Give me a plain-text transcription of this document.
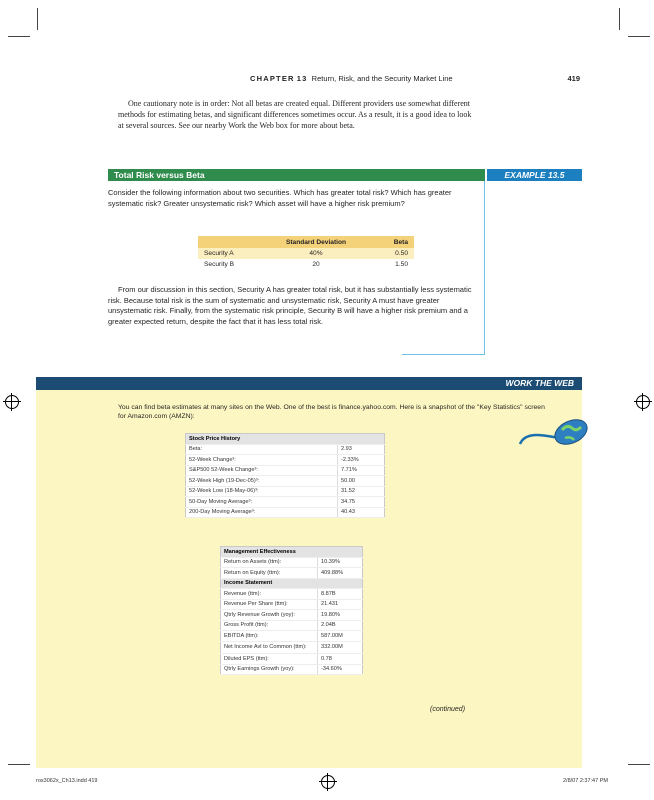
CHAPTER 13 Return, Risk, and the Security Market Line	419
One cautionary note is in order: Not all betas are created equal. Different providers use somewhat different methods for estimating betas, and significant differences sometimes occur. As a result, it is a good idea to look at several sources. See our nearby Work the Web box for more about beta.
Total Risk versus Beta	EXAMPLE 13.5
Consider the following information about two securities. Which has greater total risk? Which has greater systematic risk? Greater unsystematic risk? Which asset will have a higher risk premium?
	Standard Deviation	Beta
Security A	40%	0.50
Security B	20	1.50
From our discussion in this section, Security A has greater total risk, but it has substantially less systematic risk. Because total risk is the sum of systematic and unsystematic risk, Security A must have greater unsystematic risk. Finally, from the systematic risk principle, Security B will have a higher risk premium and a greater expected return, despite the fact that it has less total risk.
WORK THE WEB
You can find beta estimates at many sites on the Web. One of the best is finance.yahoo.com. Here is a snapshot of the "Key Statistics" screen for Amazon.com (AMZN):
Stock Price History	
Beta:	2.93
52-Week Change³:	-2.33%
S&P500 52-Week Change³:	7.71%
52-Week High (19-Dec-05)³:	50.00
52-Week Low (18-May-06)³:	31.52
50-Day Moving Average³:	34.75
200-Day Moving Average³:	40.43
Management Effectiveness	
Return on Assets (ttm):	10.39%
Return on Equity (ttm):	409.88%
Income Statement	
Revenue (ttm):	8.87B
Revenue Per Share (ttm):	21.431
Qtrly Revenue Growth (yoy):	19.80%
Gross Profit (ttm):	2.04B
EBITDA (ttm):	587.00M
Net Income Avl to Common (ttm):	332.00M
Diluted EPS (ttm):	0.78
Qtrly Earnings Growth (yoy):	-34.60%
(continued)
ros3062x_Ch13.indd 419	2/8/07 2:37:47 PM
